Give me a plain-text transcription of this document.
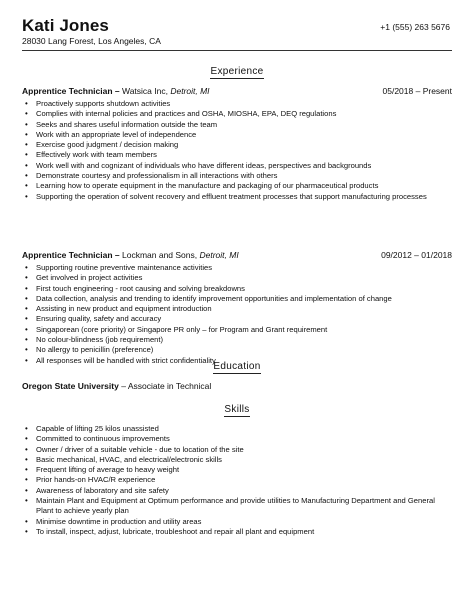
Kati Jones	+1 (555) 263 5676
28030 Lang Forest, Los Angeles, CA
Experience
Apprentice Technician – Watsica Inc, Detroit, MI	05/2018 – Present
• Proactively supports shutdown activities
• Complies with internal policies and practices and OSHA, MIOSHA, EPA, DEQ regulations
• Seeks and shares useful information outside the team
• Work with an appropriate level of independence
• Exercise good judgment / decision making
• Effectively work with team members
• Work well with and cognizant of individuals who have different ideas, perspectives and backgrounds
• Demonstrate courtesy and professionalism in all interactions with others
• Learning how to operate equipment in the manufacture and packaging of our pharmaceutical products
• Supporting the operation of solvent recovery and effluent treatment processes that support manufacturing processes
Apprentice Technician – Lockman and Sons, Detroit, MI	09/2012 – 01/2018
• Supporting routine preventive maintenance activities
• Get involved in project activities
• First touch engineering - root causing and solving breakdowns
• Data collection, analysis and trending to identify improvement opportunities and implementation of change
• Assisting in new product and equipment introduction
• Ensuring quality, safety and accuracy
• Singaporean (core priority) or Singapore PR only – for Program and Grant requirement
• No colour-blindness (job requirement)
• No allergy to penicillin (preference)
• All responses will be handled with strict confidentiality
Education
Oregon State University – Associate in Technical
Skills
• Capable of lifting 25 kilos unassisted
• Committed to continuous improvements
• Owner / driver of a suitable vehicle - due to location of the site
• Basic mechanical, HVAC, and electrical/electronic skills
• Frequent lifting of average to heavy weight
• Prior hands-on HVAC/R experience
• Awareness of laboratory and site safety
• Maintain Plant and Equipment at Optimum performance and provide utilities to Manufacturing Department and General Plant to achieve yearly plan
• Minimise downtime in production and utility areas
• To install, inspect, adjust, lubricate, troubleshoot and repair all plant and equipment
